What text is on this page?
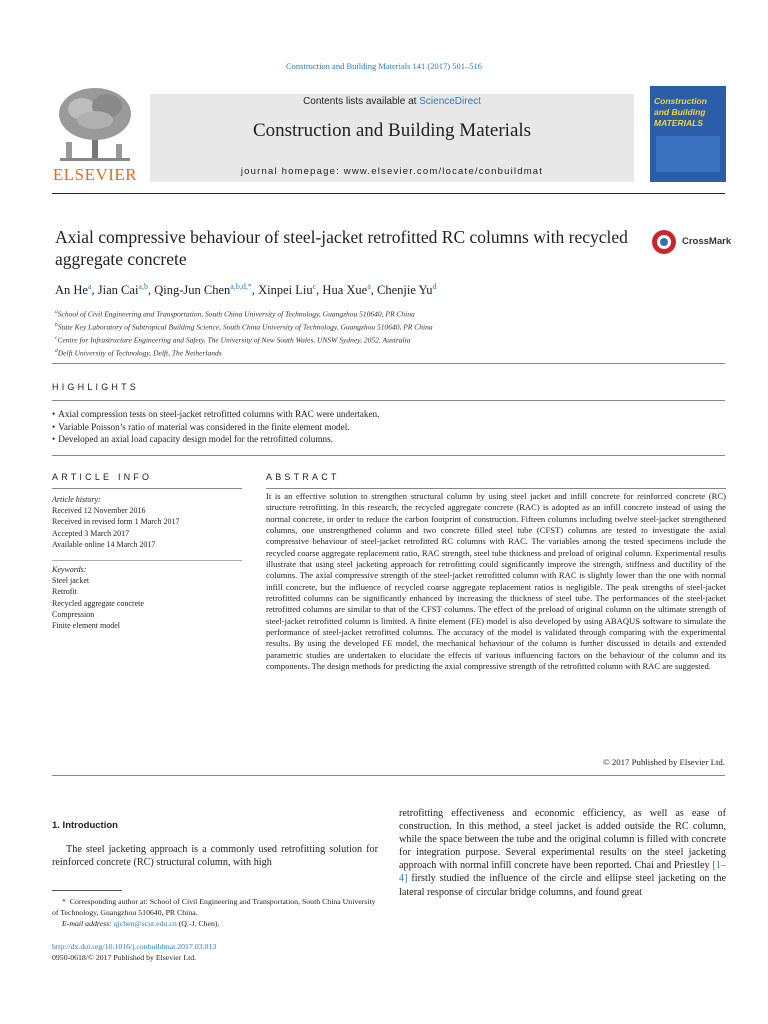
Construction and Building Materials 141 (2017) 501–516
ELSEVIER
Contents lists available at ScienceDirect
Construction and Building Materials
journal homepage: www.elsevier.com/locate/conbuildmat
Construction and Building MATERIALS
Axial compressive behaviour of steel-jacket retrofitted RC columns with recycled aggregate concrete
CrossMark
An He$^a$, Jian Cai$^{a,b}$, Qing-Jun Chen$^{a,b,d,*}$, Xinpei Liu$^c$, Hua Xue$^a$, Chenjie Yu$^d$
$^a$School of Civil Engineering and Transportation, South China University of Technology, Guangzhou 510640, PR China
$^b$State Key Laboratory of Subtropical Building Science, South China University of Technology, Guangzhou 510640, PR China
$^c$Centre for Infrastructure Engineering and Safety, The University of New South Wales, UNSW Sydney, 2052, Australia
$^d$Delft University of Technology, Delft, The Netherlands
HIGHLIGHTS
• Axial compression tests on steel-jacket retrofitted columns with RAC were undertaken.
• Variable Poisson’s ratio of material was considered in the finite element model.
• Developed an axial load capacity design model for the retrofitted columns.
ARTICLE INFO
Article history:
Received 12 November 2016
Received in revised form 1 March 2017
Accepted 3 March 2017
Available online 14 March 2017
Keywords:
Steel jacket
Retrofit
Recycled aggregate concrete
Compression
Finite element model
ABSTRACT
It is an effective solution to strengthen structural column by using steel jacket and infill concrete for reinforced concrete (RC) structure retrofitting. In this research, the recycled aggregate concrete (RAC) is adopted as an infill concrete instead of using the normal concrete, in order to reduce the carbon footprint of construction. Fifteen columns including twelve steel-jacket strengthened columns, one unstrengthened column and two concrete filled steel tube (CFST) columns are tested to investigate the axial compressive behaviour of steel-jacket retrofitted RC columns with RAC. The variables among the tested specimens include the recycled coarse aggregate replacement ratio, RAC strength, steel tube thickness and preload of original column. Experimental results illustrate that using steel jacketing approach for retrofitting could significantly improve the strength, stiffness and ductility of the columns. The axial compressive strength of the steel-jacket retrofitted column with RAC is slightly lower than the one with normal infill concrete, but the influence of recycled coarse aggregate replacement ratios is negligible. The peak strengths of steel-jacket retrofitted columns can be significantly enhanced by increasing the thickness of steel tube. The performances of the steel-jacket retrofitted columns are similar to that of the CFST columns. The effect of the preload of original column on the ultimate strength of steel-jacket retrofitted column is limited. A finite element (FE) model is also developed by using ABAQUS software to simulate the performance of steel-jacket retrofitted columns. The accuracy of the model is validated through comparing with the experimental results. By using the developed FE model, the mechanical behaviour of the column is further discussed in details and extended parametric studies are undertaken to elucidate the effects of various influencing factors on the behaviour of the column and its components. The design methods for predicting the axial compressive strength of the retrofitted column with RAC are suggested.
© 2017 Published by Elsevier Ltd.
1. Introduction
The steel jacketing approach is a commonly used retrofitting solution for reinforced concrete (RC) structural column, with high
retrofitting effectiveness and economic efficiency, as well as ease of construction. In this method, a steel jacket is added outside the RC column, while the space between the tube and the original column is filled with concrete for integration purpose. Several experimental results on the steel jacketing approach with normal infill concrete have been reported. Chai and Priestley [1–4] firstly studied the influence of the circle and ellipse steel jacketing on the lateral response of circular bridge columns, and found great
*  Corresponding author at: School of Civil Engineering and Transportation, South China University of Technology, Guangzhou 510640, PR China.
E-mail address: qjchen@scut.edu.cn (Q.-J. Chen).
http://dx.doi.org/10.1016/j.conbuildmat.2017.03.013
0950-0618/© 2017 Published by Elsevier Ltd.
